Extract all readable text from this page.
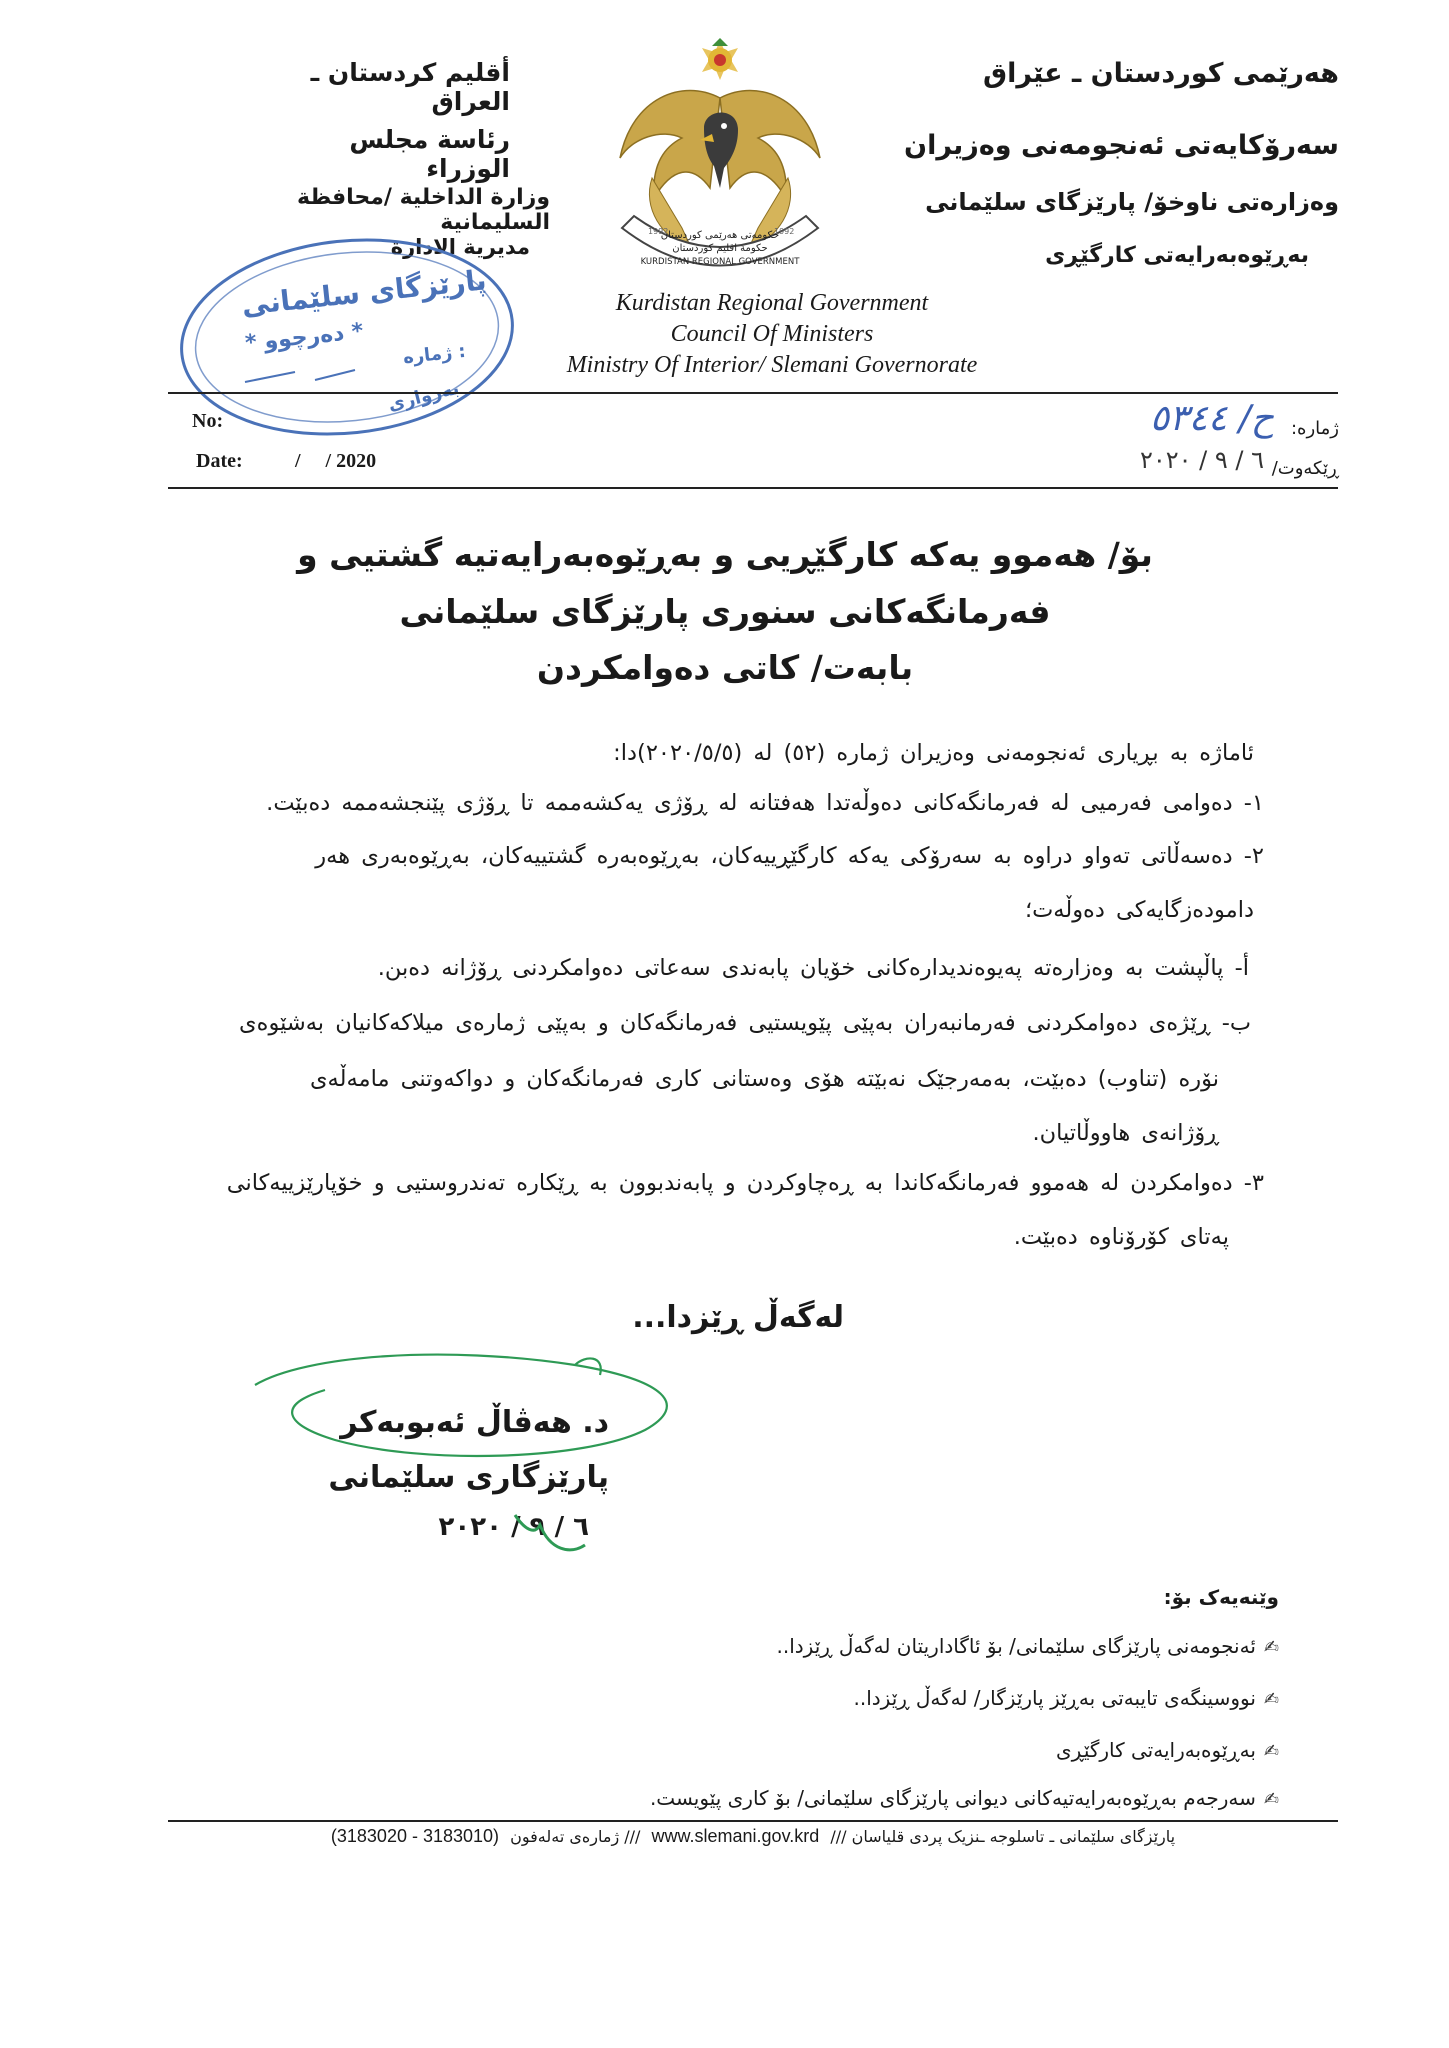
هەرێمی کوردستان ـ عێراق
سەرۆکایەتی ئەنجومەنی وەزیران
وەزارەتی ناوخۆ/ پارێزگای سلێمانی
بەڕێوەبەرایەتی کارگێڕی
أقليم كردستان ـ العراق
رئاسة مجلس الوزراء
وزارة الداخلية /محافظة السليمانية
مديرية الادارة	حكومەتی هەرێمی کوردستان
حكومة اقليم كوردستان
KURDISTAN REGIONAL GOVERNMENT
1992	1992
Kurdistan Regional Government
Council Of Ministers
Ministry Of Interior/ Slemani Governorate
پارێزگای سلێمانی
* دەرچوو *
ژمارە :
بەرواری
No:
Date:	/     / 2020
ژمارە:
ح/ ٥٣٤٤
ڕێکەوت/
٦ / ٩ / ٢٠٢٠
بۆ/ هەموو یەکە کارگێڕیی و بەڕێوەبەرایەتیە گشتیی و
فەرمانگەکانی سنوری پارێزگای سلێمانی
بابەت/ کاتی دەوامکردن
ئاماژە بە بڕیاری ئەنجومەنی وەزیران ژمارە (٥٢) لە (٢٠٢٠/٥/٥)دا:
١- دەوامی فەرمیی لە فەرمانگەکانی دەوڵەتدا هەفتانە لە ڕۆژی یەکشەممە تا ڕۆژی پێنجشەممە دەبێت.
٢- دەسەڵاتی تەواو دراوە بە سەرۆکی یەکە کارگێڕییەکان، بەڕێوەبەرە گشتییەکان، بەڕێوەبەری هەر
دامودەزگایەکی دەوڵەت؛
أ- پاڵپشت بە وەزارەتە پەیوەندیدارەکانی خۆیان پابەندی سەعاتی دەوامکردنی ڕۆژانە دەبن.
ب- ڕێژەی دەوامکردنی فەرمانبەران بەپێی پێویستیی فەرمانگەکان و بەپێی ژمارەی میلاکەکانیان بەشێوەی
نۆرە (تناوب) دەبێت، بەمەرجێک نەبێتە هۆی وەستانی کاری فەرمانگەکان و دواکەوتنی مامەڵەی
ڕۆژانەی هاووڵاتیان.
٣- دەوامکردن لە هەموو فەرمانگەکاندا بە ڕەچاوکردن و پابەندبوون بە ڕێکارە تەندروستیی و خۆپارێزییەکانی
پەتای کۆرۆناوە دەبێت.
لەگەڵ ڕێزدا...
د. هەڤاڵ ئەبوبەکر
پارێزگاری سلێمانی
٦ / ٩ / ٢٠٢٠
وێنەیەک بۆ:
✍ئەنجومەنی پارێزگای سلێمانی/ بۆ ئاگاداریتان لەگەڵ ڕێزدا..
✍نووسینگەی تایبەتی بەڕێز پارێزگار/ لەگەڵ ڕێزدا..
✍بەڕێوەبەرایەتی کارگێڕی
✍سەرجەم بەڕێوەبەرایەتیەکانی دیوانی پارێزگای سلێمانی/ بۆ کاری پێویست.
پارێزگای سلێمانی ـ تاسلوجە ـنزیک پردی قلیاسان /// www.slemani.gov.krd /// ژمارەی تەلەفون (3183020 - 3183010)
